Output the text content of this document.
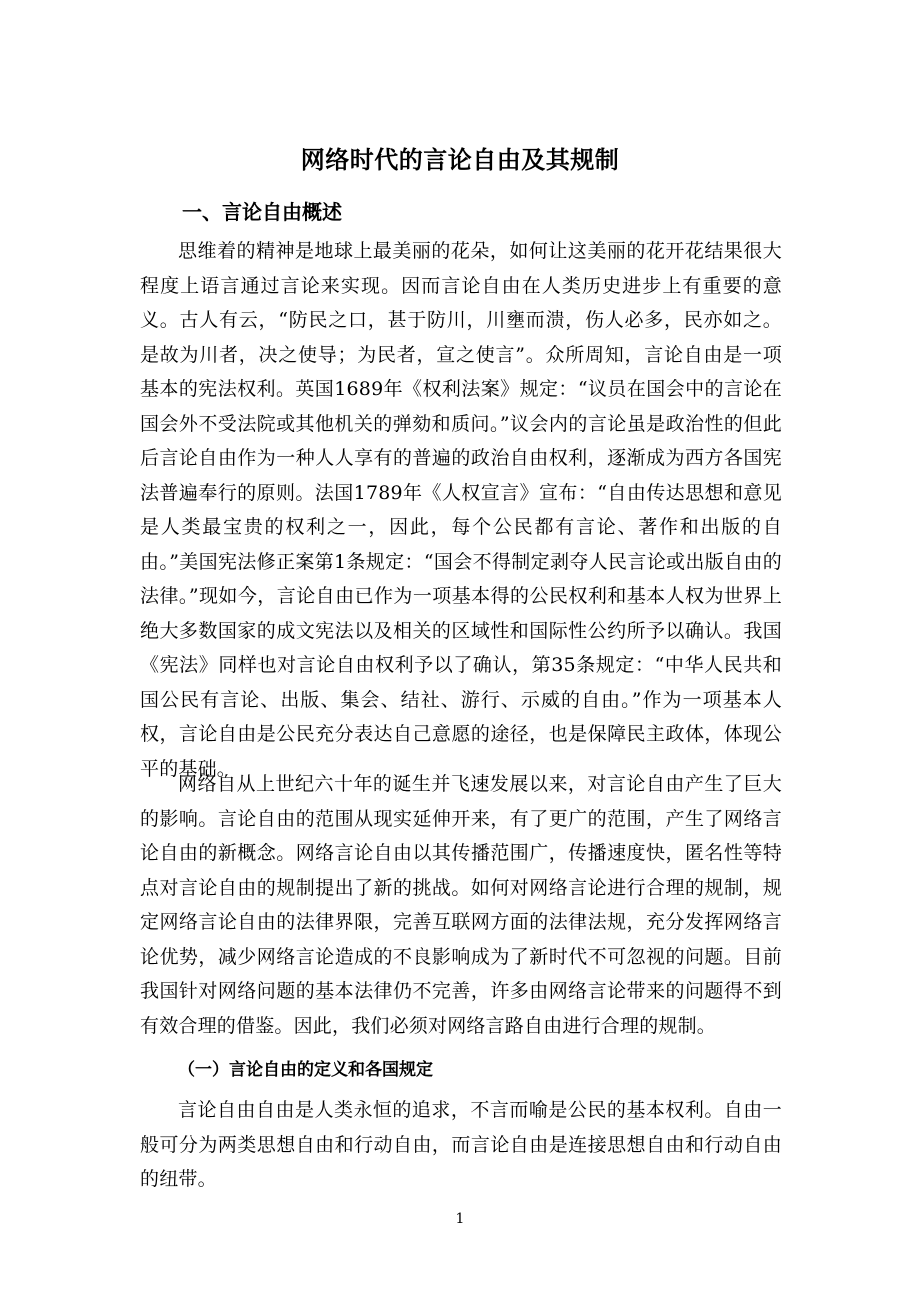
网络时代的言论自由及其规制
一、言论自由概述

思维着的精神是地球上最美丽的花朵，如何让这美丽的花开花结果很大程度上语言通过言论来实现。因而言论自由在人类历史进步上有重要的意义。古人有云，“防民之口，甚于防川，川壅而溃，伤人必多，民亦如之。是故为川者，决之使导；为民者，宣之使言”。众所周知，言论自由是一项基本的宪法权利。英国1689年《权利法案》规定：“议员在国会中的言论在国会外不受法院或其他机关的弹劾和质问。”议会内的言论虽是政治性的但此后言论自由作为一种人人享有的普遍的政治自由权利，逐渐成为西方各国宪法普遍奉行的原则。法国1789年《人权宣言》宣布：“自由传达思想和意见是人类最宝贵的权利之一，因此，每个公民都有言论、著作和出版的自由。”美国宪法修正案第1条规定：“国会不得制定剥夺人民言论或出版自由的法律。”现如今，言论自由已作为一项基本得的公民权利和基本人权为世界上绝大多数国家的成文宪法以及相关的区域性和国际性公约所予以确认。我国《宪法》同样也对言论自由权利予以了确认，第35条规定：“中华人民共和国公民有言论、出版、集会、结社、游行、示威的自由。”作为一项基本人权，言论自由是公民充分表达自己意愿的途径，也是保障民主政体，体现公平的基础。

网络自从上世纪六十年的诞生并飞速发展以来，对言论自由产生了巨大的影响。言论自由的范围从现实延伸开来，有了更广的范围，产生了网络言论自由的新概念。网络言论自由以其传播范围广，传播速度快，匿名性等特点对言论自由的规制提出了新的挑战。如何对网络言论进行合理的规制，规定网络言论自由的法律界限，完善互联网方面的法律法规，充分发挥网络言论优势，减少网络言论造成的不良影响成为了新时代不可忽视的问题。目前我国针对网络问题的基本法律仍不完善，许多由网络言论带来的问题得不到有效合理的借鉴。因此，我们必须对网络言路自由进行合理的规制。

（一）言论自由的定义和各国规定

言论自由自由是人类永恒的追求，不言而喻是公民的基本权利。自由一般可分为两类思想自由和行动自由，而言论自由是连接思想自由和行动自由的纽带。

1
